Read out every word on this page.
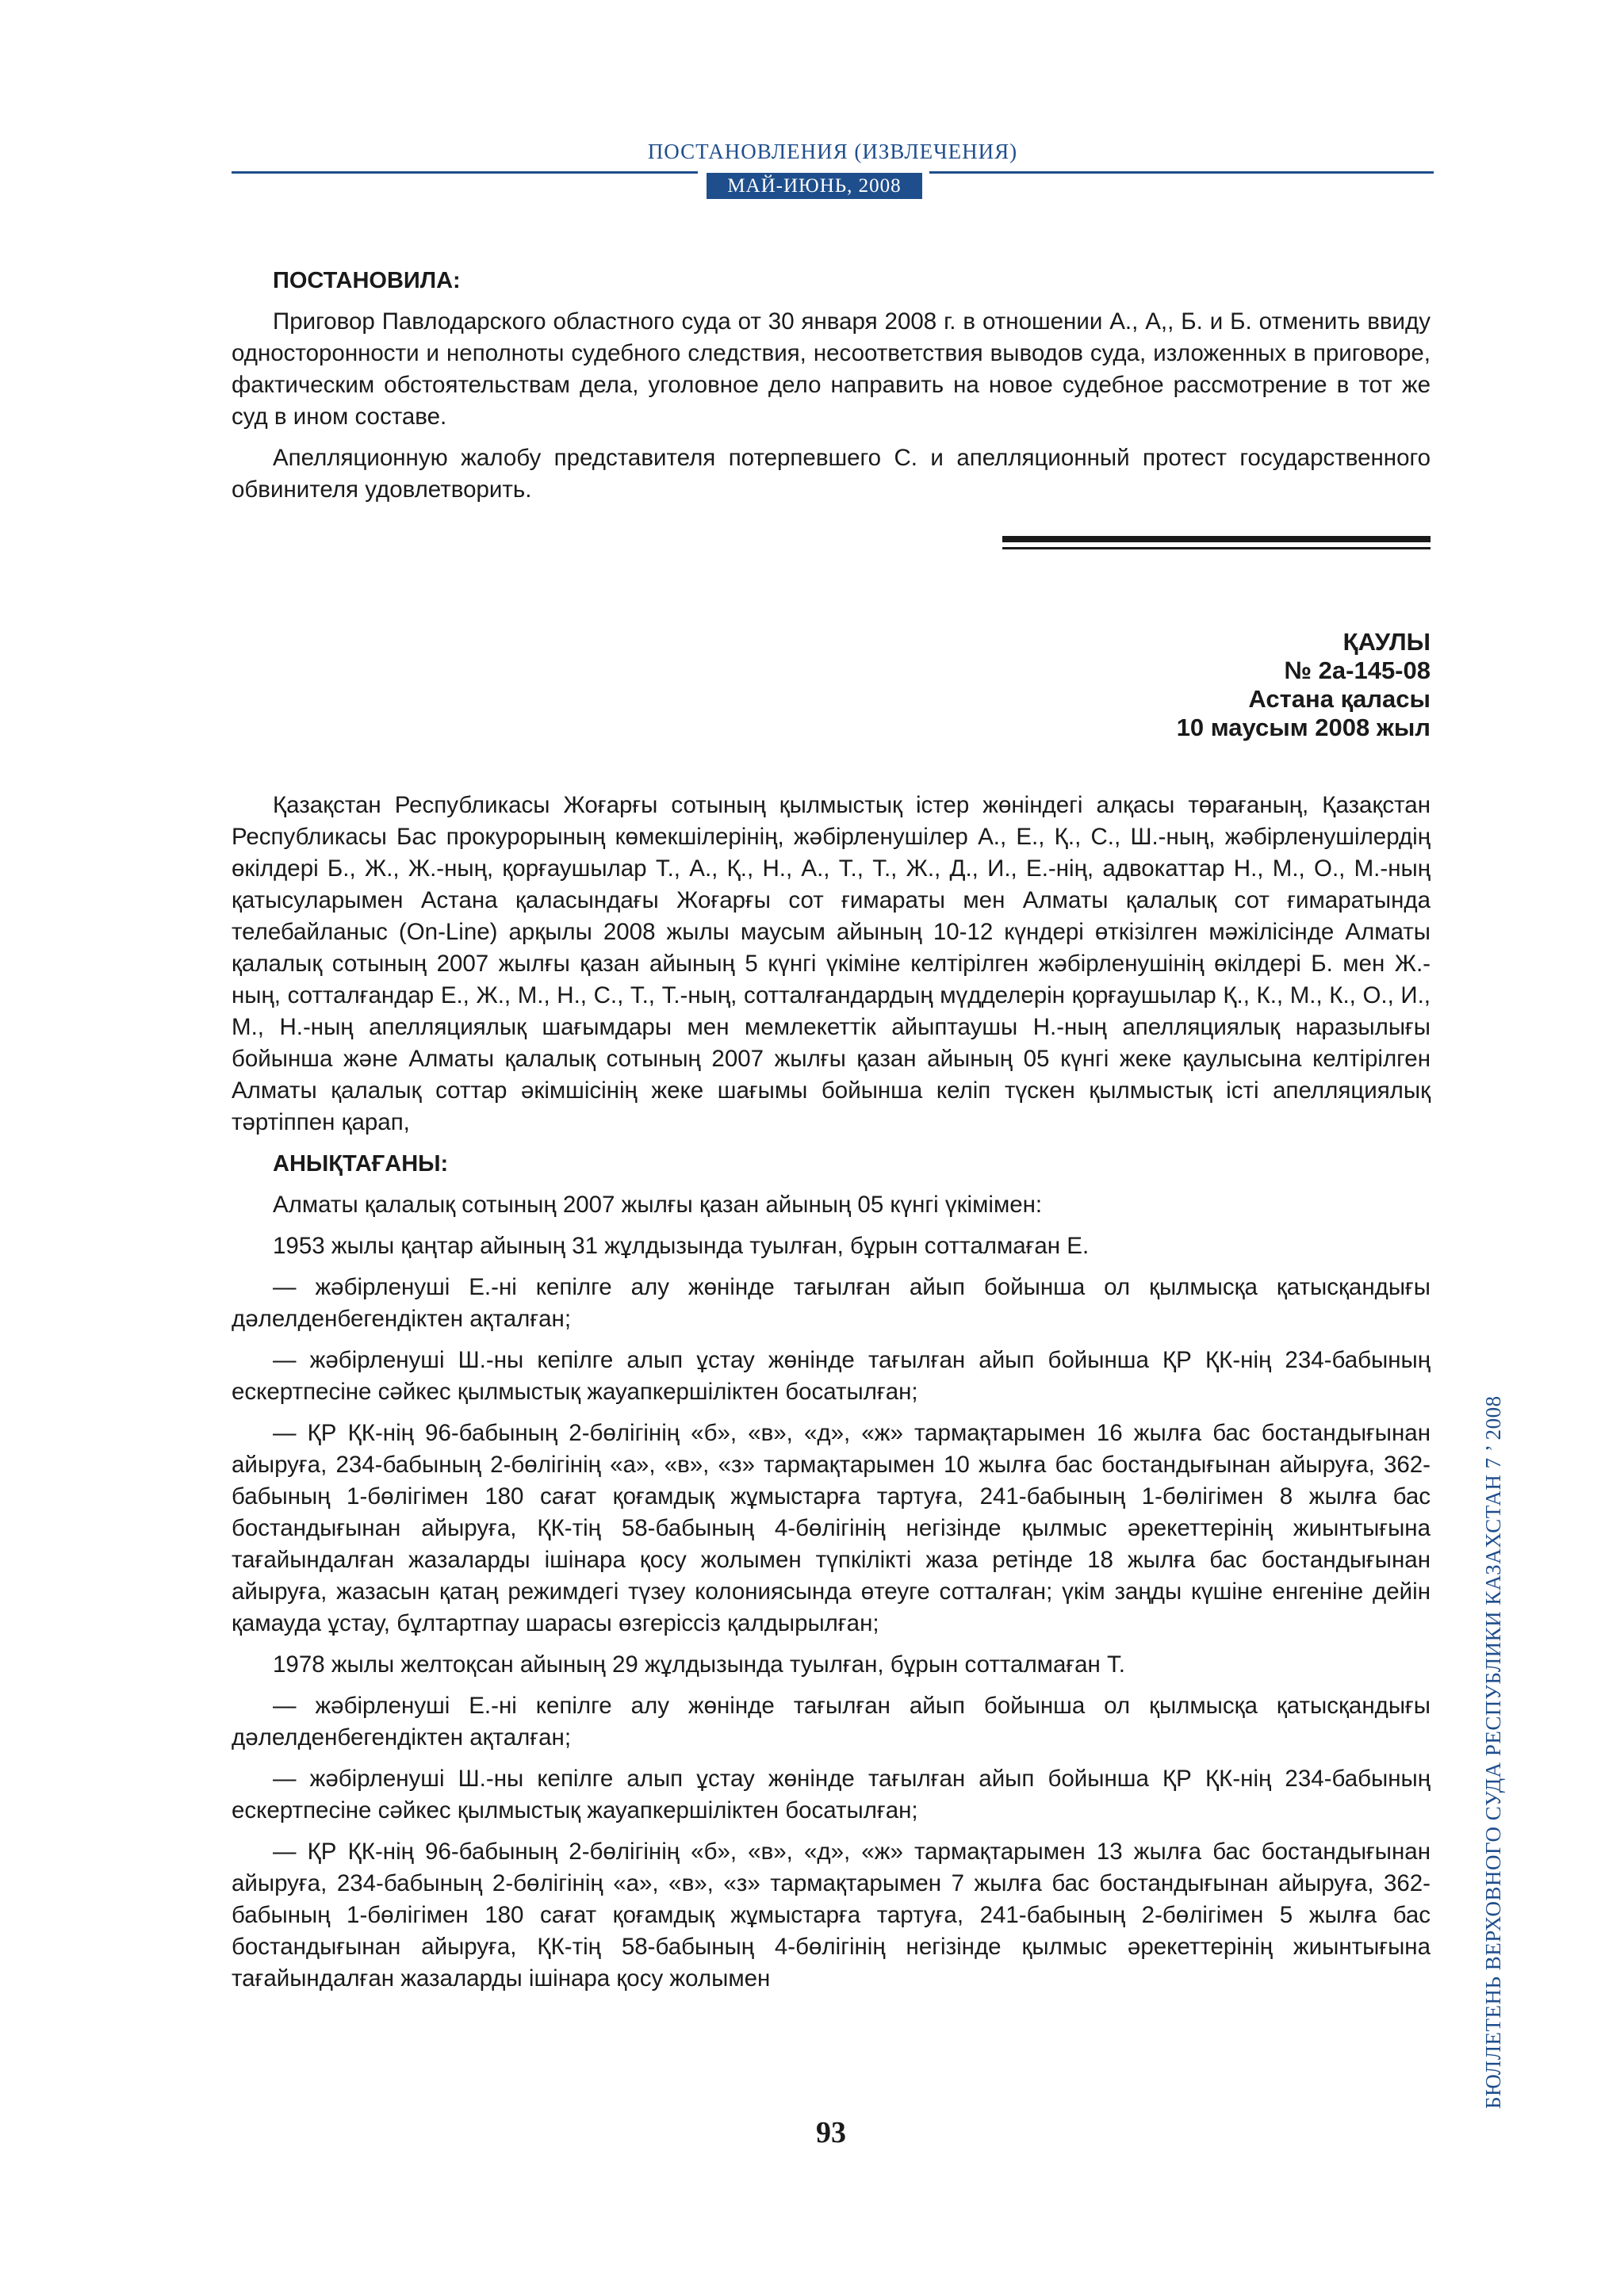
ПОСТАНОВЛЕНИЯ (ИЗВЛЕЧЕНИЯ)
МАЙ-ИЮНЬ, 2008

ПОСТАНОВИЛА:

Приговор Павлодарского областного суда от 30 января 2008 г. в отношении А., А,, Б. и Б. отменить ввиду односторонности и неполноты судебного следствия, несоответствия выводов суда, изложенных в приговоре, фактическим обстоятельствам дела, уголовное дело направить на новое судебное рассмотрение в тот же суд в ином составе.

Апелляционную жалобу представителя потерпевшего С. и апелляционный протест государственного обвинителя удовлетворить.

ҚАУЛЫ
№ 2а-145-08
Астана қаласы
10 маусым 2008 жыл

Қазақстан Республикасы Жоғарғы сотының қылмыстық істер жөніндегі алқасы төрағаның, Қазақстан Республикасы Бас прокурорының көмекшілерінің, жәбірленушілер А., Е., Қ., С., Ш.-ның, жәбірленушілердің өкілдері Б., Ж., Ж.-ның, қорғаушылар Т., А., Қ., Н., А., Т., Т., Ж., Д., И., Е.-нің, адвокаттар Н., М., О., М.-ның қатысуларымен Астана қаласындағы Жоғарғы сот ғимараты мен Алматы қалалық сот ғимаратында телебайланыс (On-Line) арқылы 2008 жылы маусым айының 10-12 күндері өткізілген мәжілісінде Алматы қалалық сотының 2007 жылғы қазан айының 5 күнгі үкіміне келтірілген жәбірленушінің өкілдері Б. мен Ж.-ның, сотталғандар Е., Ж., М., Н., С., Т., Т.-ның, сотталғандардың мүдделерін қорғаушылар Қ., К., М., К., О., И., М., Н.-ның апелляциялық шағымдары мен мемлекеттік айыптаушы Н.-ның апелляциялық наразылығы бойынша және Алматы қалалық сотының 2007 жылғы қазан айының 05 күнгі жеке қаулысына келтірілген Алматы қалалық соттар әкімшісінің жеке шағымы бойынша келіп түскен қылмыстық істі апелляциялық тәртіппен қарап,

АНЫҚТАҒАНЫ:

Алматы қалалық сотының 2007 жылғы қазан айының 05 күнгі үкімімен:

1953 жылы қаңтар айының 31 жұлдызында туылған, бұрын сотталмаған Е.

— жәбірленуші Е.-ні кепілге алу жөнінде тағылған айып бойынша ол қылмысқа қатысқандығы дәлелденбегендіктен ақталған;

— жәбірленуші Ш.-ны кепілге алып ұстау жөнінде тағылған айып бойынша ҚР ҚК-нің 234-бабының ескертпесіне сәйкес қылмыстық жауапкершіліктен босатылған;

— ҚР ҚК-нің 96-бабының 2-бөлігінің «б», «в», «д», «ж» тармақтарымен 16 жылға бас бостандығынан айыруға, 234-бабының 2-бөлігінің «а», «в», «з» тармақтарымен 10 жылға бас бостандығынан айыруға, 362-бабының 1-бөлігімен 180 сағат қоғамдық жұмыстарға тартуға, 241-бабының 1-бөлігімен 8 жылға бас бостандығынан айыруға, ҚК-тің 58-бабының 4-бөлігінің негізінде қылмыс әрекеттерінің жиынтығына тағайындалған жазаларды ішінара қосу жолымен түпкілікті жаза ретінде 18 жылға бас бостандығынан айыруға, жазасын қатаң режимдегі түзеу колониясында өтеуге сотталған; үкім заңды күшіне енгеніне дейін қамауда ұстау, бұлтартпау шарасы өзгеріссіз қалдырылған;

1978 жылы желтоқсан айының 29 жұлдызында туылған, бұрын сотталмаған Т.

— жәбірленуші Е.-ні кепілге алу жөнінде тағылған айып бойынша ол қылмысқа қатысқандығы дәлелденбегендіктен ақталған;

— жәбірленуші Ш.-ны кепілге алып ұстау жөнінде тағылған айып бойынша ҚР ҚК-нің 234-бабының ескертпесіне сәйкес қылмыстық жауапкершіліктен босатылған;

— ҚР ҚК-нің 96-бабының 2-бөлігінің «б», «в», «д», «ж» тармақтарымен 13 жылға бас бостандығынан айыруға, 234-бабының 2-бөлігінің «а», «в», «з» тармақтарымен 7 жылға бас бостандығынан айыруға, 362-бабының 1-бөлігімен 180 сағат қоғамдық жұмыстарға тартуға, 241-бабының 2-бөлігімен 5 жылға бас бостандығынан айыруға, ҚК-тің 58-бабының 4-бөлігінің негізінде қылмыс әрекеттерінің жиынтығына тағайындалған жазаларды ішінара қосу жолымен

93
БЮЛЛЕТЕНЬ ВЕРХОВНОГО СУДА РЕСПУБЛИКИ КАЗАХСТАН 7 ’ 2008
